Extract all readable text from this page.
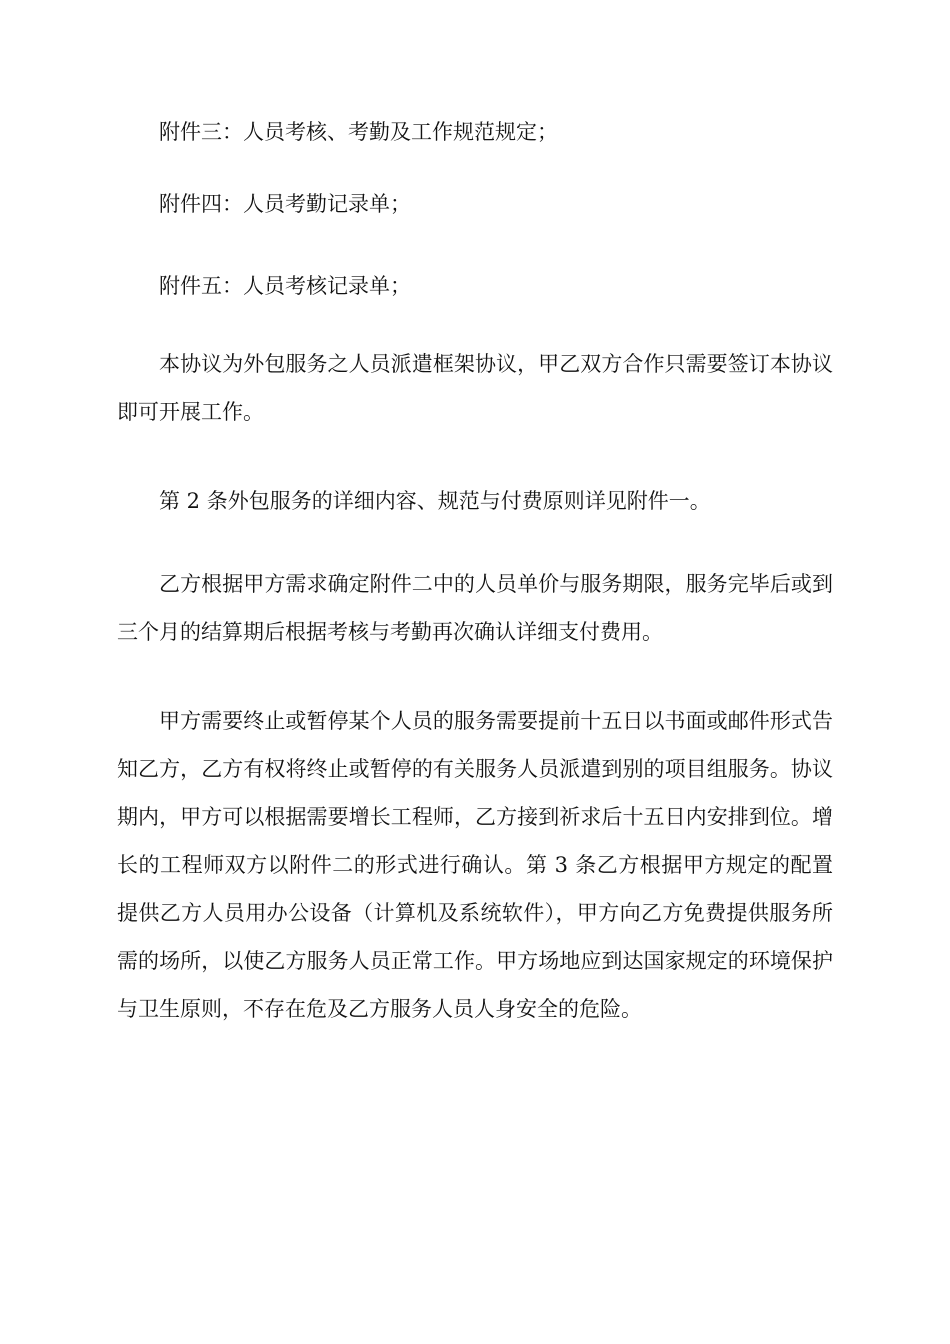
附件三：人员考核、考勤及工作规范规定；

附件四：人员考勤记录单；

附件五：人员考核记录单；

本协议为外包服务之人员派遣框架协议，甲乙双方合作只需要签订本协议即可开展工作。

第 2 条外包服务的详细内容、规范与付费原则详见附件一。

乙方根据甲方需求确定附件二中的人员单价与服务期限，服务完毕后或到三个月的结算期后根据考核与考勤再次确认详细支付费用。

甲方需要终止或暂停某个人员的服务需要提前十五日以书面或邮件形式告知乙方，乙方有权将终止或暂停的有关服务人员派遣到别的项目组服务。协议期内，甲方可以根据需要增长工程师，乙方接到祈求后十五日内安排到位。增长的工程师双方以附件二的形式进行确认。第 3 条乙方根据甲方规定的配置提供乙方人员用办公设备（计算机及系统软件），甲方向乙方免费提供服务所需的场所，以使乙方服务人员正常工作。甲方场地应到达国家规定的环境保护与卫生原则，不存在危及乙方服务人员人身安全的危险。
